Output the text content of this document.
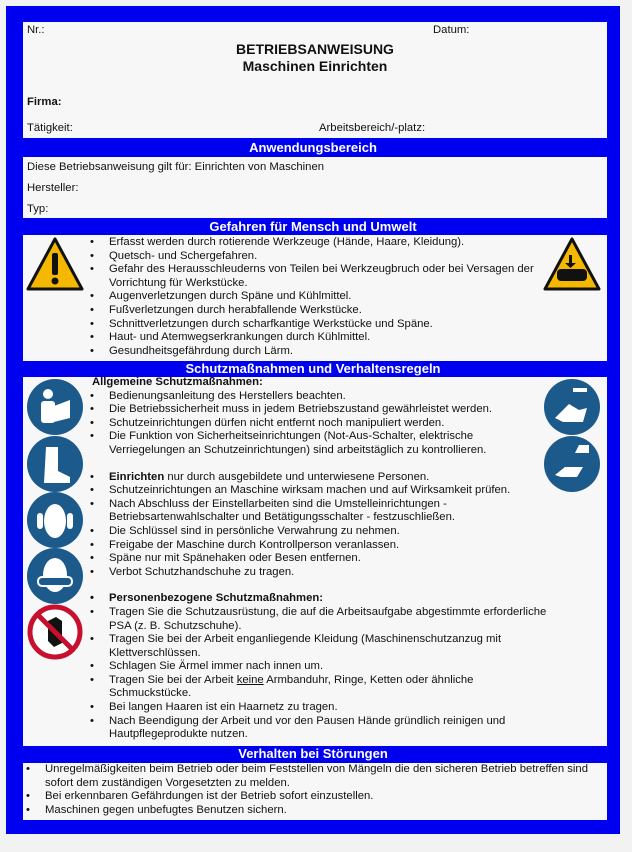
Nr.:	Datum:
BETRIEBSANWEISUNG
Maschinen Einrichten
Firma:
Tätigkeit:	Arbeitsbereich/-platz:
Anwendungsbereich
Diese Betriebsanweisung gilt für: Einrichten von Maschinen
Hersteller:
Typ:
Gefahren für Mensch und Umwelt
• Erfasst werden durch rotierende Werkzeuge (Hände, Haare, Kleidung).
• Quetsch- und Schergefahren.
• Gefahr des Herausschleuderns von Teilen bei Werkzeugbruch oder bei Versagen der Vorrichtung für Werkstücke.
• Augenverletzungen durch Späne und Kühlmittel.
• Fußverletzungen durch herabfallende Werkstücke.
• Schnittverletzungen durch scharfkantige Werkstücke und Späne.
• Haut- und Atemwegserkrankungen durch Kühlmittel.
• Gesundheitsgefährdung durch Lärm.
Schutzmaßnahmen und Verhaltensregeln
Allgemeine Schutzmaßnahmen:
• Bedienungsanleitung des Herstellers beachten.
• Die Betriebssicherheit muss in jedem Betriebszustand gewährleistet werden.
• Schutzeinrichtungen dürfen nicht entfernt noch manipuliert werden.
• Die Funktion von Sicherheitseinrichtungen (Not-Aus-Schalter, elektrische Verriegelungen an Schutzeinrichtungen) sind arbeitstäglich zu kontrollieren.
• Einrichten nur durch ausgebildete und unterwiesene Personen.
• Schutzeinrichtungen an Maschine wirksam machen und auf Wirksamkeit prüfen.
• Nach Abschluss der Einstellarbeiten sind die Umstelleinrichtungen - Betriebsartenwahlschalter und Betätigungsschalter - festzuschließen.
• Die Schlüssel sind in persönliche Verwahrung zu nehmen.
• Freigabe der Maschine durch Kontrollperson veranlassen.
• Späne nur mit Spänehaken oder Besen entfernen.
• Verbot Schutzhandschuhe zu tragen.
• Personenbezogene Schutzmaßnahmen:
• Tragen Sie die Schutzausrüstung, die auf die Arbeitsaufgabe abgestimmte erforderliche PSA (z. B. Schutzschuhe).
• Tragen Sie bei der Arbeit enganliegende Kleidung (Maschinenschutzanzug mit Klettverschlüssen.
• Schlagen Sie Ärmel immer nach innen um.
• Tragen Sie bei der Arbeit keine Armbanduhr, Ringe, Ketten oder ähnliche Schmuckstücke.
• Bei langen Haaren ist ein Haarnetz zu tragen.
• Nach Beendigung der Arbeit und vor den Pausen Hände gründlich reinigen und Hautpflegeprodukte nutzen.
Verhalten bei Störungen
• Unregelmäßigkeiten beim Betrieb oder beim Feststellen von Mängeln die den sicheren Betrieb betreffen sind sofort dem zuständigen Vorgesetzten zu melden.
• Bei erkennbaren Gefährdungen ist der Betrieb sofort einzustellen.
• Maschinen gegen unbefugtes Benutzen sichern.
